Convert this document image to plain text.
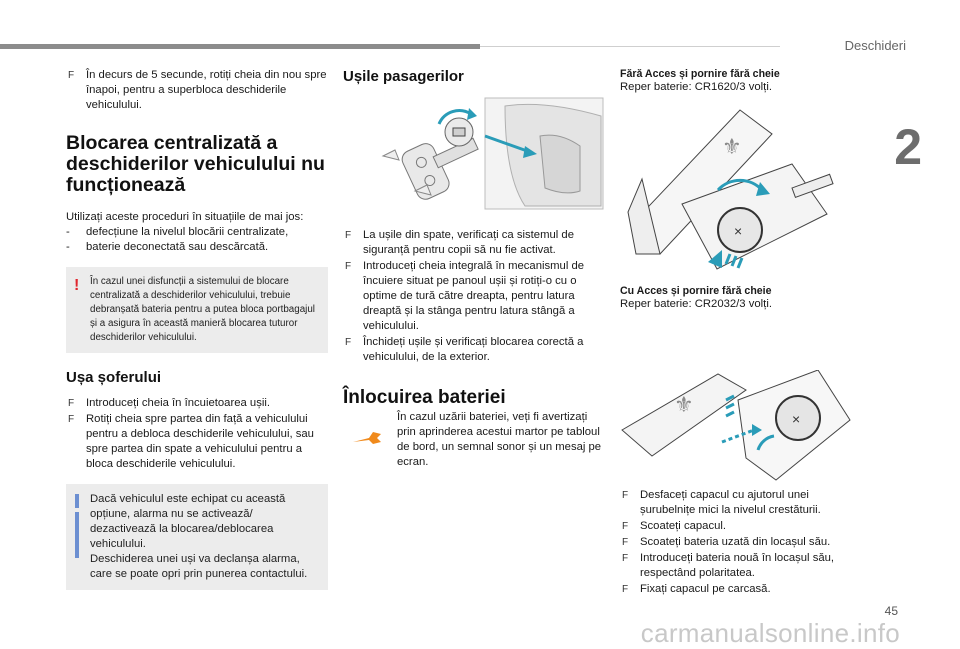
Deschideri
2
F În decurs de 5 secunde, rotiți cheia din nou spre înapoi, pentru a superbloca deschiderile vehiculului.
Blocarea centralizată a deschiderilor vehiculului nu funcționează

Utilizați aceste proceduri în situațiile de mai jos:

- defecțiune la nivelul blocării centralizate,
- baterie deconectată sau descărcată.
! În cazul unei disfuncții a sistemului de blocare centralizată a deschiderilor vehiculului, trebuie debranșată bateria pentru a putea bloca portbagajul și a asigura în această manieră blocarea tuturor deschiderilor vehiculului.

Ușa șoferului
F Introduceți cheia în încuietoarea ușii.
F Rotiți cheia spre partea din față a vehiculului pentru a debloca deschiderile vehiculului, sau spre partea din spate a vehiculului pentru a bloca deschiderile vehiculului.

Dacă vehiculul este echipat cu această opțiune, alarma nu se activează/ dezactivează la blocarea/deblocarea vehiculului.

Deschiderea unei uși va declanșa alarma, care se poate opri prin punerea contactului.

Ușile pasagerilor
F La ușile din spate, verificați ca sistemul de siguranță pentru copii să nu fie activat.
F Introduceți cheia integrală în mecanismul de încuiere situat pe panoul ușii și rotiți-o cu o optime de tură către dreapta, pentru latura dreaptă și la stânga pentru latura stângă a vehiculului.
F Închideți ușile și verificați blocarea corectă a vehiculului, de la exterior.
Înlocuirea bateriei

În cazul uzării bateriei, veți fi avertizați prin aprinderea acestui martor pe tabloul de bord, un semnal sonor și un mesaj pe ecran.

Fără Acces și pornire fără cheie

Reper baterie: CR1620/3 volți.

⚜
×

Cu Acces și pornire fără cheie

Reper baterie: CR2032/3 volți.

⚜
×
F Desfaceți capacul cu ajutorul unei șurubelnițe mici la nivelul crestăturii.
F Scoateți capacul.
F Scoateți bateria uzată din locașul său.
F Introduceți bateria nouă în locașul său, respectând polaritatea.
F Fixați capacul pe carcasă.
45
carmanualsonline.info
